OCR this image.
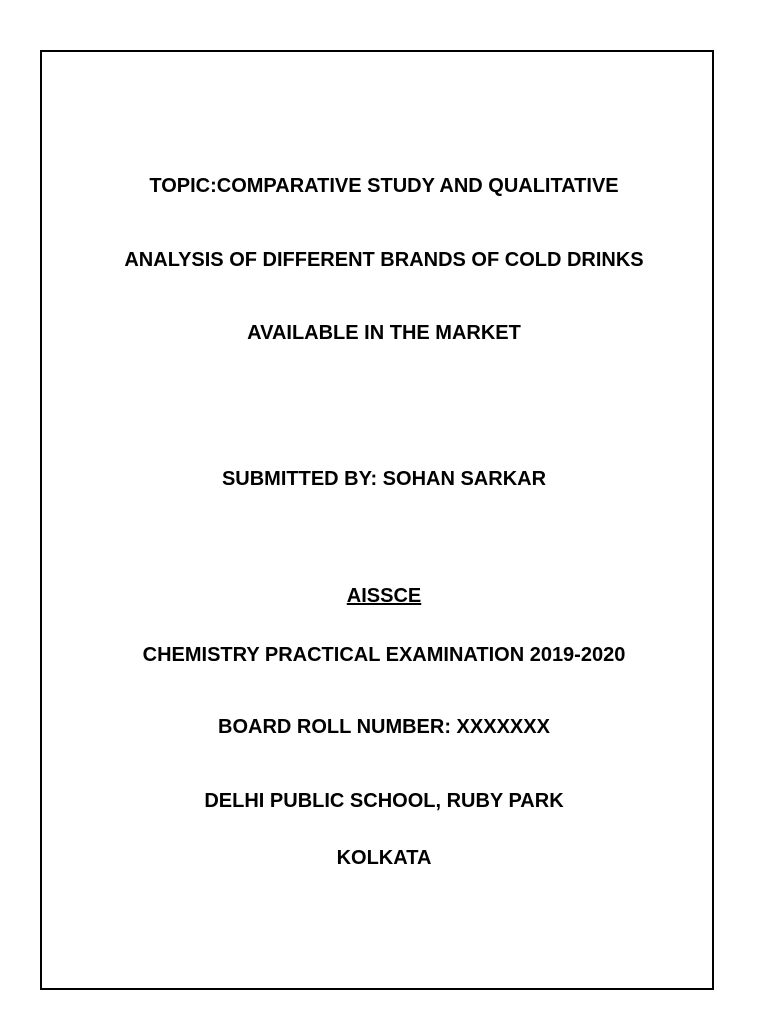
TOPIC:COMPARATIVE STUDY AND QUALITATIVE
ANALYSIS OF DIFFERENT BRANDS OF COLD DRINKS
AVAILABLE IN THE MARKET
SUBMITTED BY: SOHAN SARKAR
AISSCE
CHEMISTRY PRACTICAL EXAMINATION 2019-2020
BOARD ROLL NUMBER: XXXXXXX
DELHI PUBLIC SCHOOL, RUBY PARK
KOLKATA
